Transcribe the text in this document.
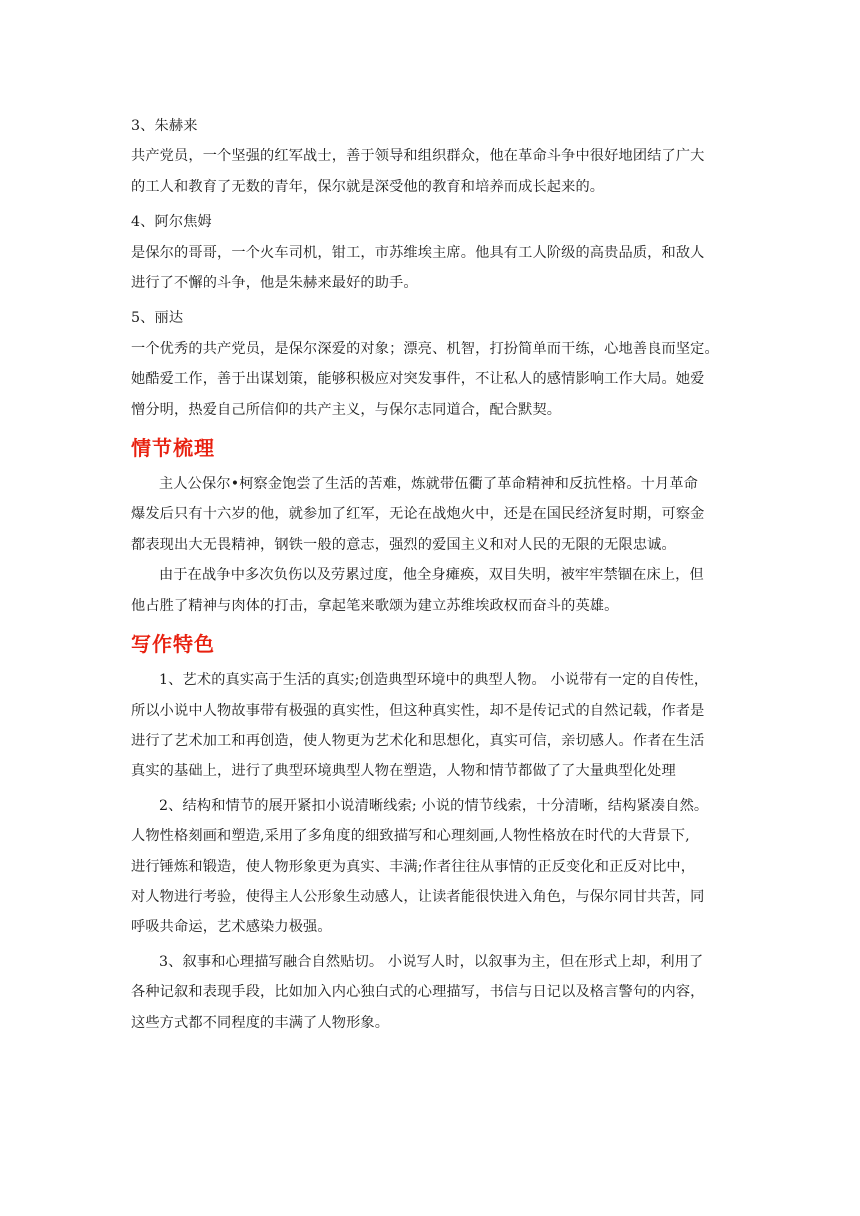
3、朱赫来

共产党员，一个坚强的红军战士，善于领导和组织群众，他在革命斗争中很好地团结了广大

的工人和教育了无数的青年，保尔就是深受他的教育和培养而成长起来的。

4、阿尔焦姆

是保尔的哥哥，一个火车司机，钳工，市苏维埃主席。他具有工人阶级的高贵品质，和敌人

进行了不懈的斗争，他是朱赫来最好的助手。

5、丽达

一个优秀的共产党员，是保尔深爱的对象；漂亮、机智，打扮简单而干练，心地善良而坚定。

她酷爱工作，善于出谋划策，能够积极应对突发事件，不让私人的感情影响工作大局。她爱

憎分明，热爱自己所信仰的共产主义，与保尔志同道合，配合默契。

情节梳理

主人公保尔•柯察金饱尝了生活的苦难，炼就带伍衢了革命精神和反抗性格。十月革命

爆发后只有十六岁的他，就参加了红军，无论在战炮火中，还是在国民经济复时期，可察金

都表现出大无畏精神，钢铁一般的意志，强烈的爱国主义和对人民的无限的无限忠诚。

由于在战争中多次负伤以及劳累过度，他全身瘫痪，双目失明，被牢牢禁锢在床上，但

他占胜了精神与肉体的打击，拿起笔来歌颂为建立苏维埃政权而奋斗的英雄。

写作特色

1、艺术的真实高于生活的真实;创造典型环境中的典型人物。 小说带有一定的自传性，

所以小说中人物故事带有极强的真实性，但这种真实性，却不是传记式的自然记载，作者是

进行了艺术加工和再创造，使人物更为艺术化和思想化，真实可信，亲切感人。作者在生活

真实的基础上，进行了典型环境典型人物在塑造，人物和情节都做了了大量典型化处理

2、结构和情节的展开紧扣小说清晰线索; 小说的情节线索，十分清晰，结构紧凑自然。

人物性格刻画和塑造,采用了多角度的细致描写和心理刻画,人物性格放在时代的大背景下,

进行锤炼和锻造，使人物形象更为真实、丰满;作者往往从事情的正反变化和正反对比中，

对人物进行考验，使得主人公形象生动感人，让读者能很快进入角色，与保尔同甘共苦，同

呼吸共命运，艺术感染力极强。

3、叙事和心理描写融合自然贴切。 小说写人时，以叙事为主，但在形式上却，利用了

各种记叙和表现手段，比如加入内心独白式的心理描写，书信与日记以及格言警句的内容，

这些方式都不同程度的丰满了人物形象。
